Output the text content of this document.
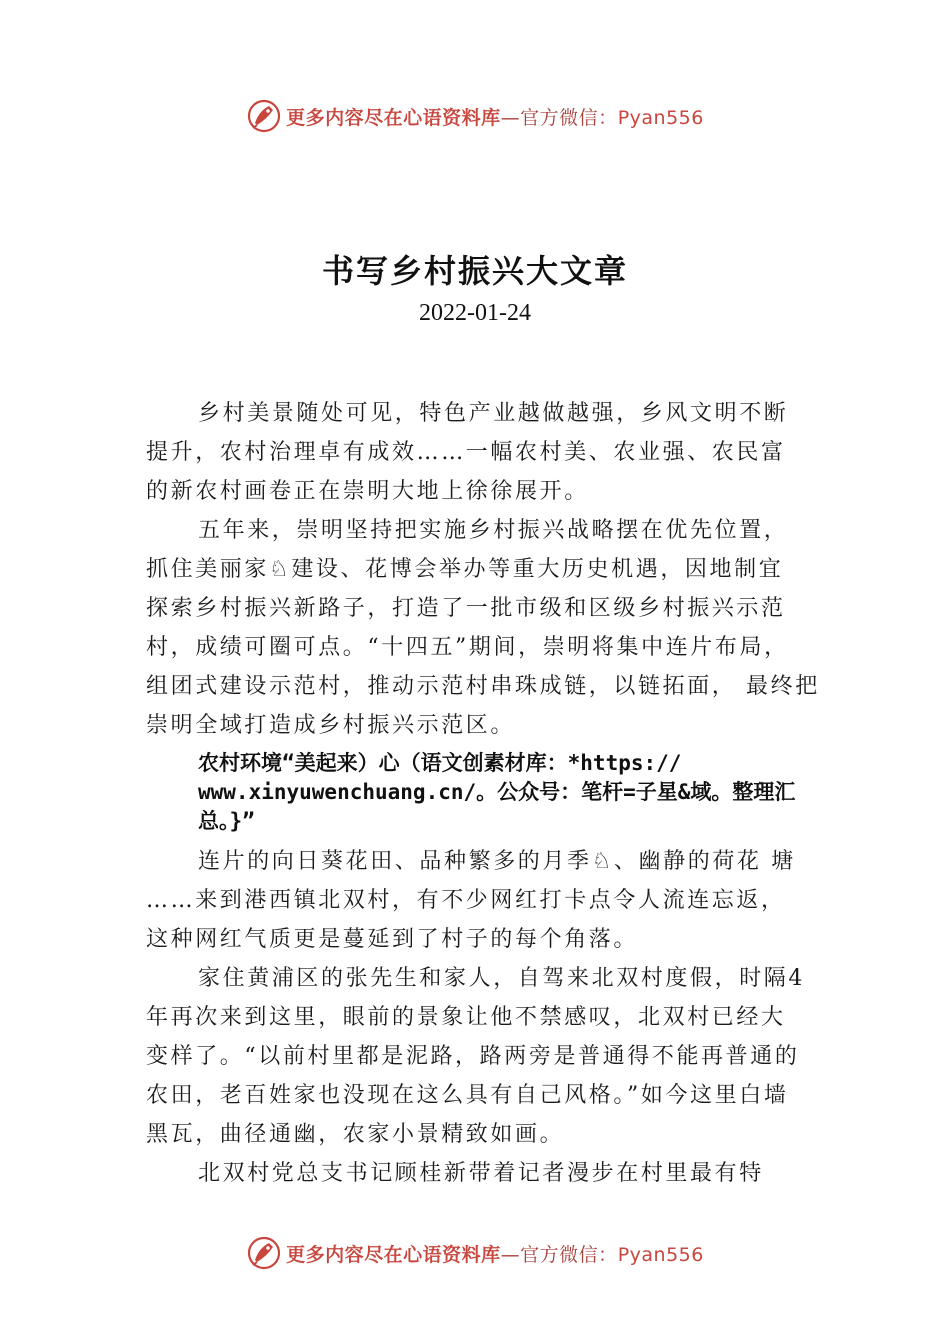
更多内容尽在心语资料库—官方微信：Pyan556
书写乡村振兴大文章
2022-01-24
乡村美景随处可见，特色产业越做越强，乡风文明不断
提升，农村治理卓有成效……一幅农村美、农业强、农民富
的新农村画卷正在崇明大地上徐徐展开。
五年来，崇明坚持把实施乡村振兴战略摆在优先位置，
抓住美丽家♘建设、花博会举办等重大历史机遇，因地制宜
探索乡村振兴新路子，打造了一批市级和区级乡村振兴示范
村，成绩可圈可点。“十四五”期间，崇明将集中连片布局，
组团式建设示范村，推动示范村串珠成链，以链拓面， 最终把
崇明全域打造成乡村振兴示范区。
农村环境“美起来）心（语文创素材库：*https://
www.xinyuwenchuang.cn/。公众号：笔杆=子星&域。整理汇
总。}”
连片的向日葵花田、品种繁多的月季♘、幽静的荷花 塘
……来到港西镇北双村，有不少网红打卡点令人流连忘返，
这种网红气质更是蔓延到了村子的每个角落。
家住黄浦区的张先生和家人，自驾来北双村度假，时隔4
年再次来到这里，眼前的景象让他不禁感叹，北双村已经大
变样了。“以前村里都是泥路，路两旁是普通得不能再普通的
农田，老百姓家也没现在这么具有自己风格。”如今这里白墙
黑瓦，曲径通幽，农家小景精致如画。
北双村党总支书记顾桂新带着记者漫步在村里最有特
更多内容尽在心语资料库—官方微信：Pyan556
